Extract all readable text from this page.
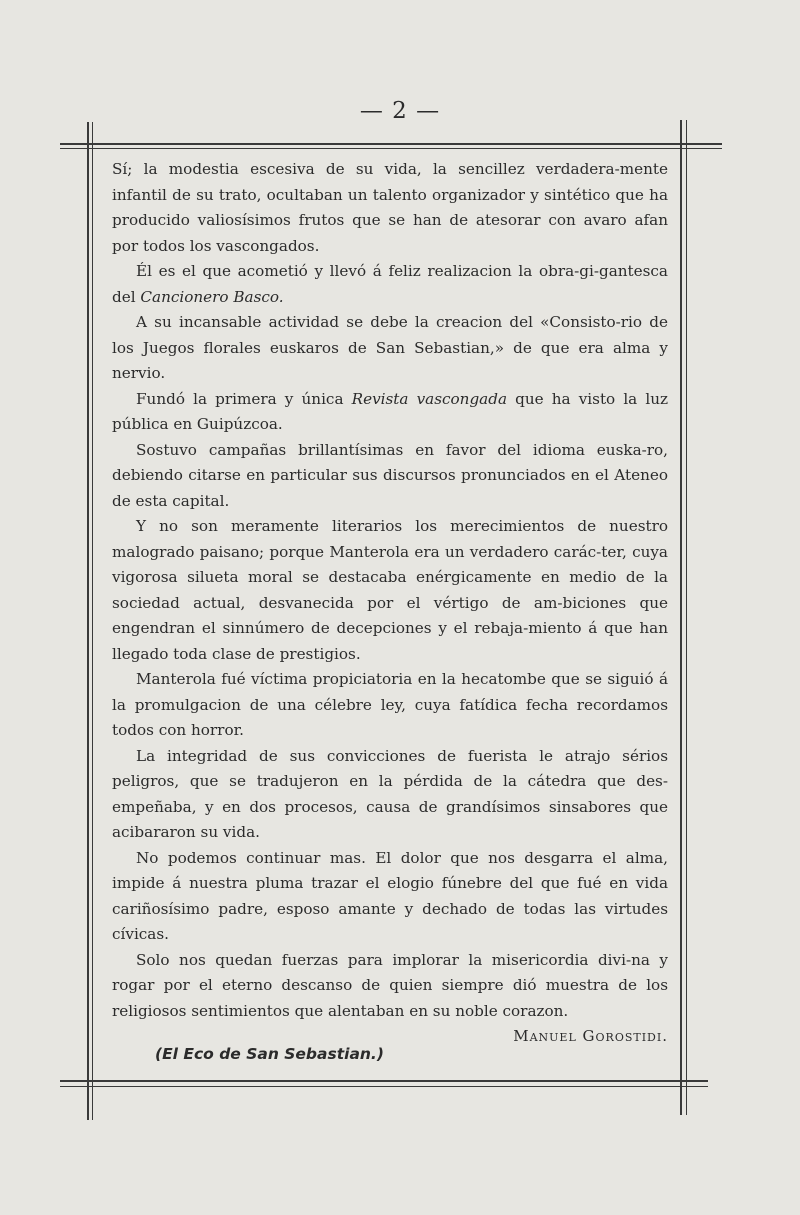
— 2 —

Sí; la modestia escesiva de su vida, la sencillez verdadera-mente infantil de su trato, ocultaban un talento organizador y sintético que ha producido valiosísimos frutos que se han de atesorar con avaro afan por todos los vascongados.

Él es el que acometió y llevó á feliz realizacion la obra-gi-gantesca del Cancionero Basco.

A su incansable actividad se debe la creacion del «Consisto-rio de los Juegos florales euskaros de San Sebastian,» de que era alma y nervio.

Fundó la primera y única Revista vascongada que ha visto la luz pública en Guipúzcoa.

Sostuvo campañas brillantísimas en favor del idioma euska-ro, debiendo citarse en particular sus discursos pronunciados en el Ateneo de esta capital.

Y no son meramente literarios los merecimientos de nuestro malogrado paisano; porque Manterola era un verdadero carác-ter, cuya vigorosa silueta moral se destacaba enérgicamente en medio de la sociedad actual, desvanecida por el vértigo de am-biciones que engendran el sinnúmero de decepciones y el rebaja-miento á que han llegado toda clase de prestigios.

Manterola fué víctima propiciatoria en la hecatombe que se siguió á la promulgacion de una célebre ley, cuya fatídica fecha recordamos todos con horror.

La integridad de sus convicciones de fuerista le atrajo sérios peligros, que se tradujeron en la pérdida de la cátedra que des-empeñaba, y en dos procesos, causa de grandísimos sinsabores que acibararon su vida.

No podemos continuar mas. El dolor que nos desgarra el alma, impide á nuestra pluma trazar el elogio fúnebre del que fué en vida cariñosísimo padre, esposo amante y dechado de todas las virtudes cívicas.

Solo nos quedan fuerzas para implorar la misericordia divi-na y rogar por el eterno descanso de quien siempre dió muestra de los religiosos sentimientos que alentaban en su noble corazon.

Manuel Gorostidi.
(El Eco de San Sebastian.)
